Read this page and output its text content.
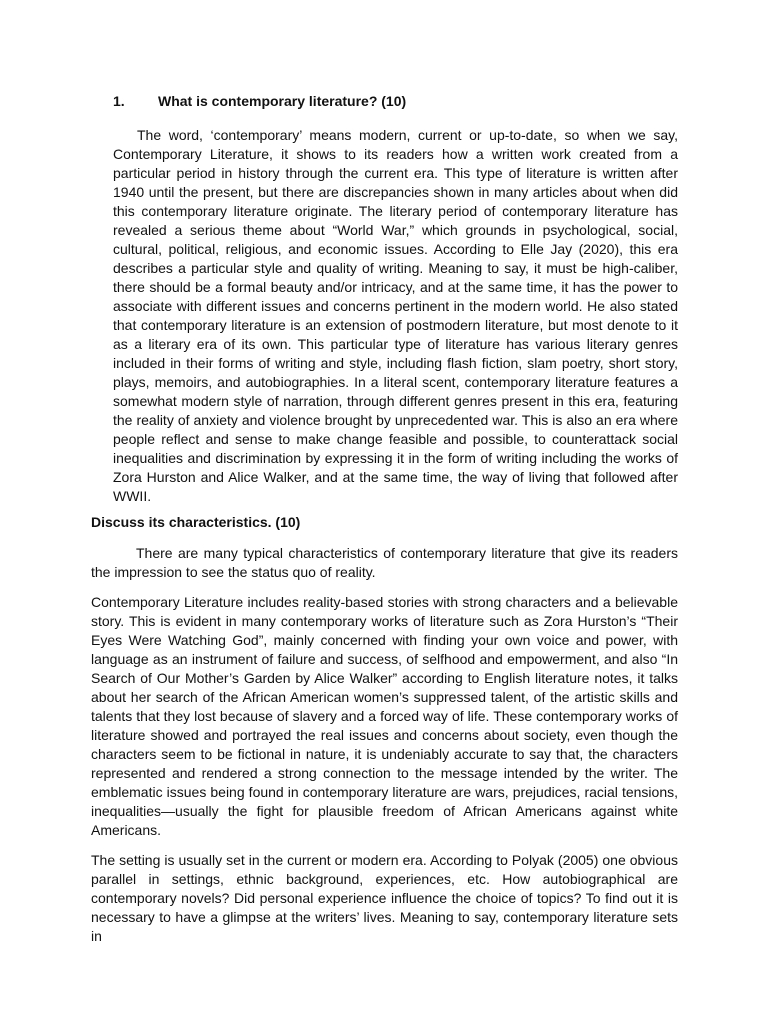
1. What is contemporary literature? (10)

The word, ‘contemporary’ means modern, current or up-to-date, so when we say, Contemporary Literature, it shows to its readers how a written work created from a particular period in history through the current era. This type of literature is written after 1940 until the present, but there are discrepancies shown in many articles about when did this contemporary literature originate. The literary period of contemporary literature has revealed a serious theme about “World War,” which grounds in psychological, social, cultural, political, religious, and economic issues. According to Elle Jay (2020), this era describes a particular style and quality of writing. Meaning to say, it must be high-caliber, there should be a formal beauty and/or intricacy, and at the same time, it has the power to associate with different issues and concerns pertinent in the modern world. He also stated that contemporary literature is an extension of postmodern literature, but most denote to it as a literary era of its own. This particular type of literature has various literary genres included in their forms of writing and style, including flash fiction, slam poetry, short story, plays, memoirs, and autobiographies. In a literal scent, contemporary literature features a somewhat modern style of narration, through different genres present in this era, featuring the reality of anxiety and violence brought by unprecedented war. This is also an era where people reflect and sense to make change feasible and possible, to counterattack social inequalities and discrimination by expressing it in the form of writing including the works of Zora Hurston and Alice Walker, and at the same time, the way of living that followed after WWII.

Discuss its characteristics. (10)

There are many typical characteristics of contemporary literature that give its readers the impression to see the status quo of reality.

Contemporary Literature includes reality-based stories with strong characters and a believable story. This is evident in many contemporary works of literature such as Zora Hurston’s “Their Eyes Were Watching God”, mainly concerned with finding your own voice and power, with language as an instrument of failure and success, of selfhood and empowerment, and also “In Search of Our Mother’s Garden by Alice Walker” according to English literature notes, it talks about her search of the African American women’s suppressed talent, of the artistic skills and talents that they lost because of slavery and a forced way of life. These contemporary works of literature showed and portrayed the real issues and concerns about society, even though the characters seem to be fictional in nature, it is undeniably accurate to say that, the characters represented and rendered a strong connection to the message intended by the writer. The emblematic issues being found in contemporary literature are wars, prejudices, racial tensions, inequalities—usually the fight for plausible freedom of African Americans against white Americans.

The setting is usually set in the current or modern era. According to Polyak (2005) one obvious parallel in settings, ethnic background, experiences, etc. How autobiographical are contemporary novels? Did personal experience influence the choice of topics? To find out it is necessary to have a glimpse at the writers’ lives. Meaning to say, contemporary literature sets in
